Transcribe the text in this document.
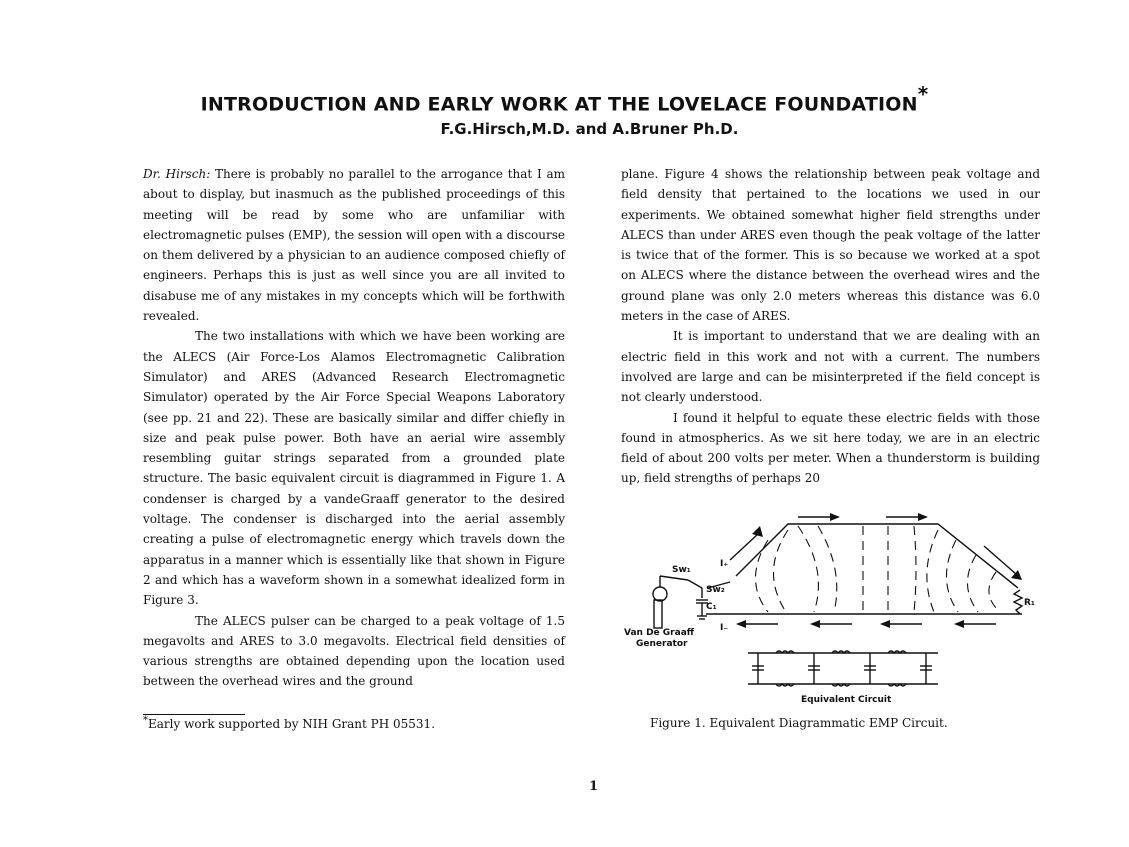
INTRODUCTION AND EARLY WORK AT THE LOVELACE FOUNDATION*
F.G.Hirsch,M.D. and A.Bruner Ph.D.

Dr. Hirsch: There is probably no parallel to the arrogance that I am about to display, but inasmuch as the published proceedings of this meeting will be read by some who are unfamiliar with electromagnetic pulses (EMP), the session will open with a discourse on them delivered by a physician to an audience composed chiefly of engineers. Perhaps this is just as well since you are all invited to disabuse me of any mistakes in my concepts which will be forthwith revealed.

The two installations with which we have been working are the ALECS (Air Force-Los Alamos Electromagnetic Calibration Simulator) and ARES (Advanced Research Electromagnetic Simulator) operated by the Air Force Special Weapons Laboratory (see pp. 21 and 22). These are basically similar and differ chiefly in size and peak pulse power. Both have an aerial wire assembly resembling guitar strings separated from a grounded plate structure. The basic equivalent circuit is diagrammed in Figure 1. A condenser is charged by a vandeGraaff generator to the desired voltage. The condenser is discharged into the aerial assembly creating a pulse of electromagnetic energy which travels down the apparatus in a manner which is essentially like that shown in Figure 2 and which has a waveform shown in a somewhat idealized form in Figure 3.

The ALECS pulser can be charged to a peak voltage of 1.5 megavolts and ARES to 3.0 megavolts. Electrical field densities of various strengths are obtained depending upon the location used between the overhead wires and the ground

plane. Figure 4 shows the relationship between peak voltage and field density that pertained to the locations we used in our experiments. We obtained somewhat higher field strengths under ALECS than under ARES even though the peak voltage of the latter is twice that of the former. This is so because we worked at a spot on ALECS where the distance between the overhead wires and the ground plane was only 2.0 meters whereas this distance was 6.0 meters in the case of ARES.

It is important to understand that we are dealing with an electric field in this work and not with a current. The numbers involved are large and can be misinterpreted if the field concept is not clearly understood.

I found it helpful to equate these electric fields with those found in atmospherics. As we sit here today, we are in an electric field of about 200 volts per meter. When a thunderstorm is building up, field strengths of perhaps 20

Sw₁
Sw₂
C₁
I₊
I₋
R₁
Van De Graaff
Generator
Equivalent Circuit
Figure 1. Equivalent Diagrammatic EMP Circuit.
*Early work supported by NIH Grant PH 05531.
1
